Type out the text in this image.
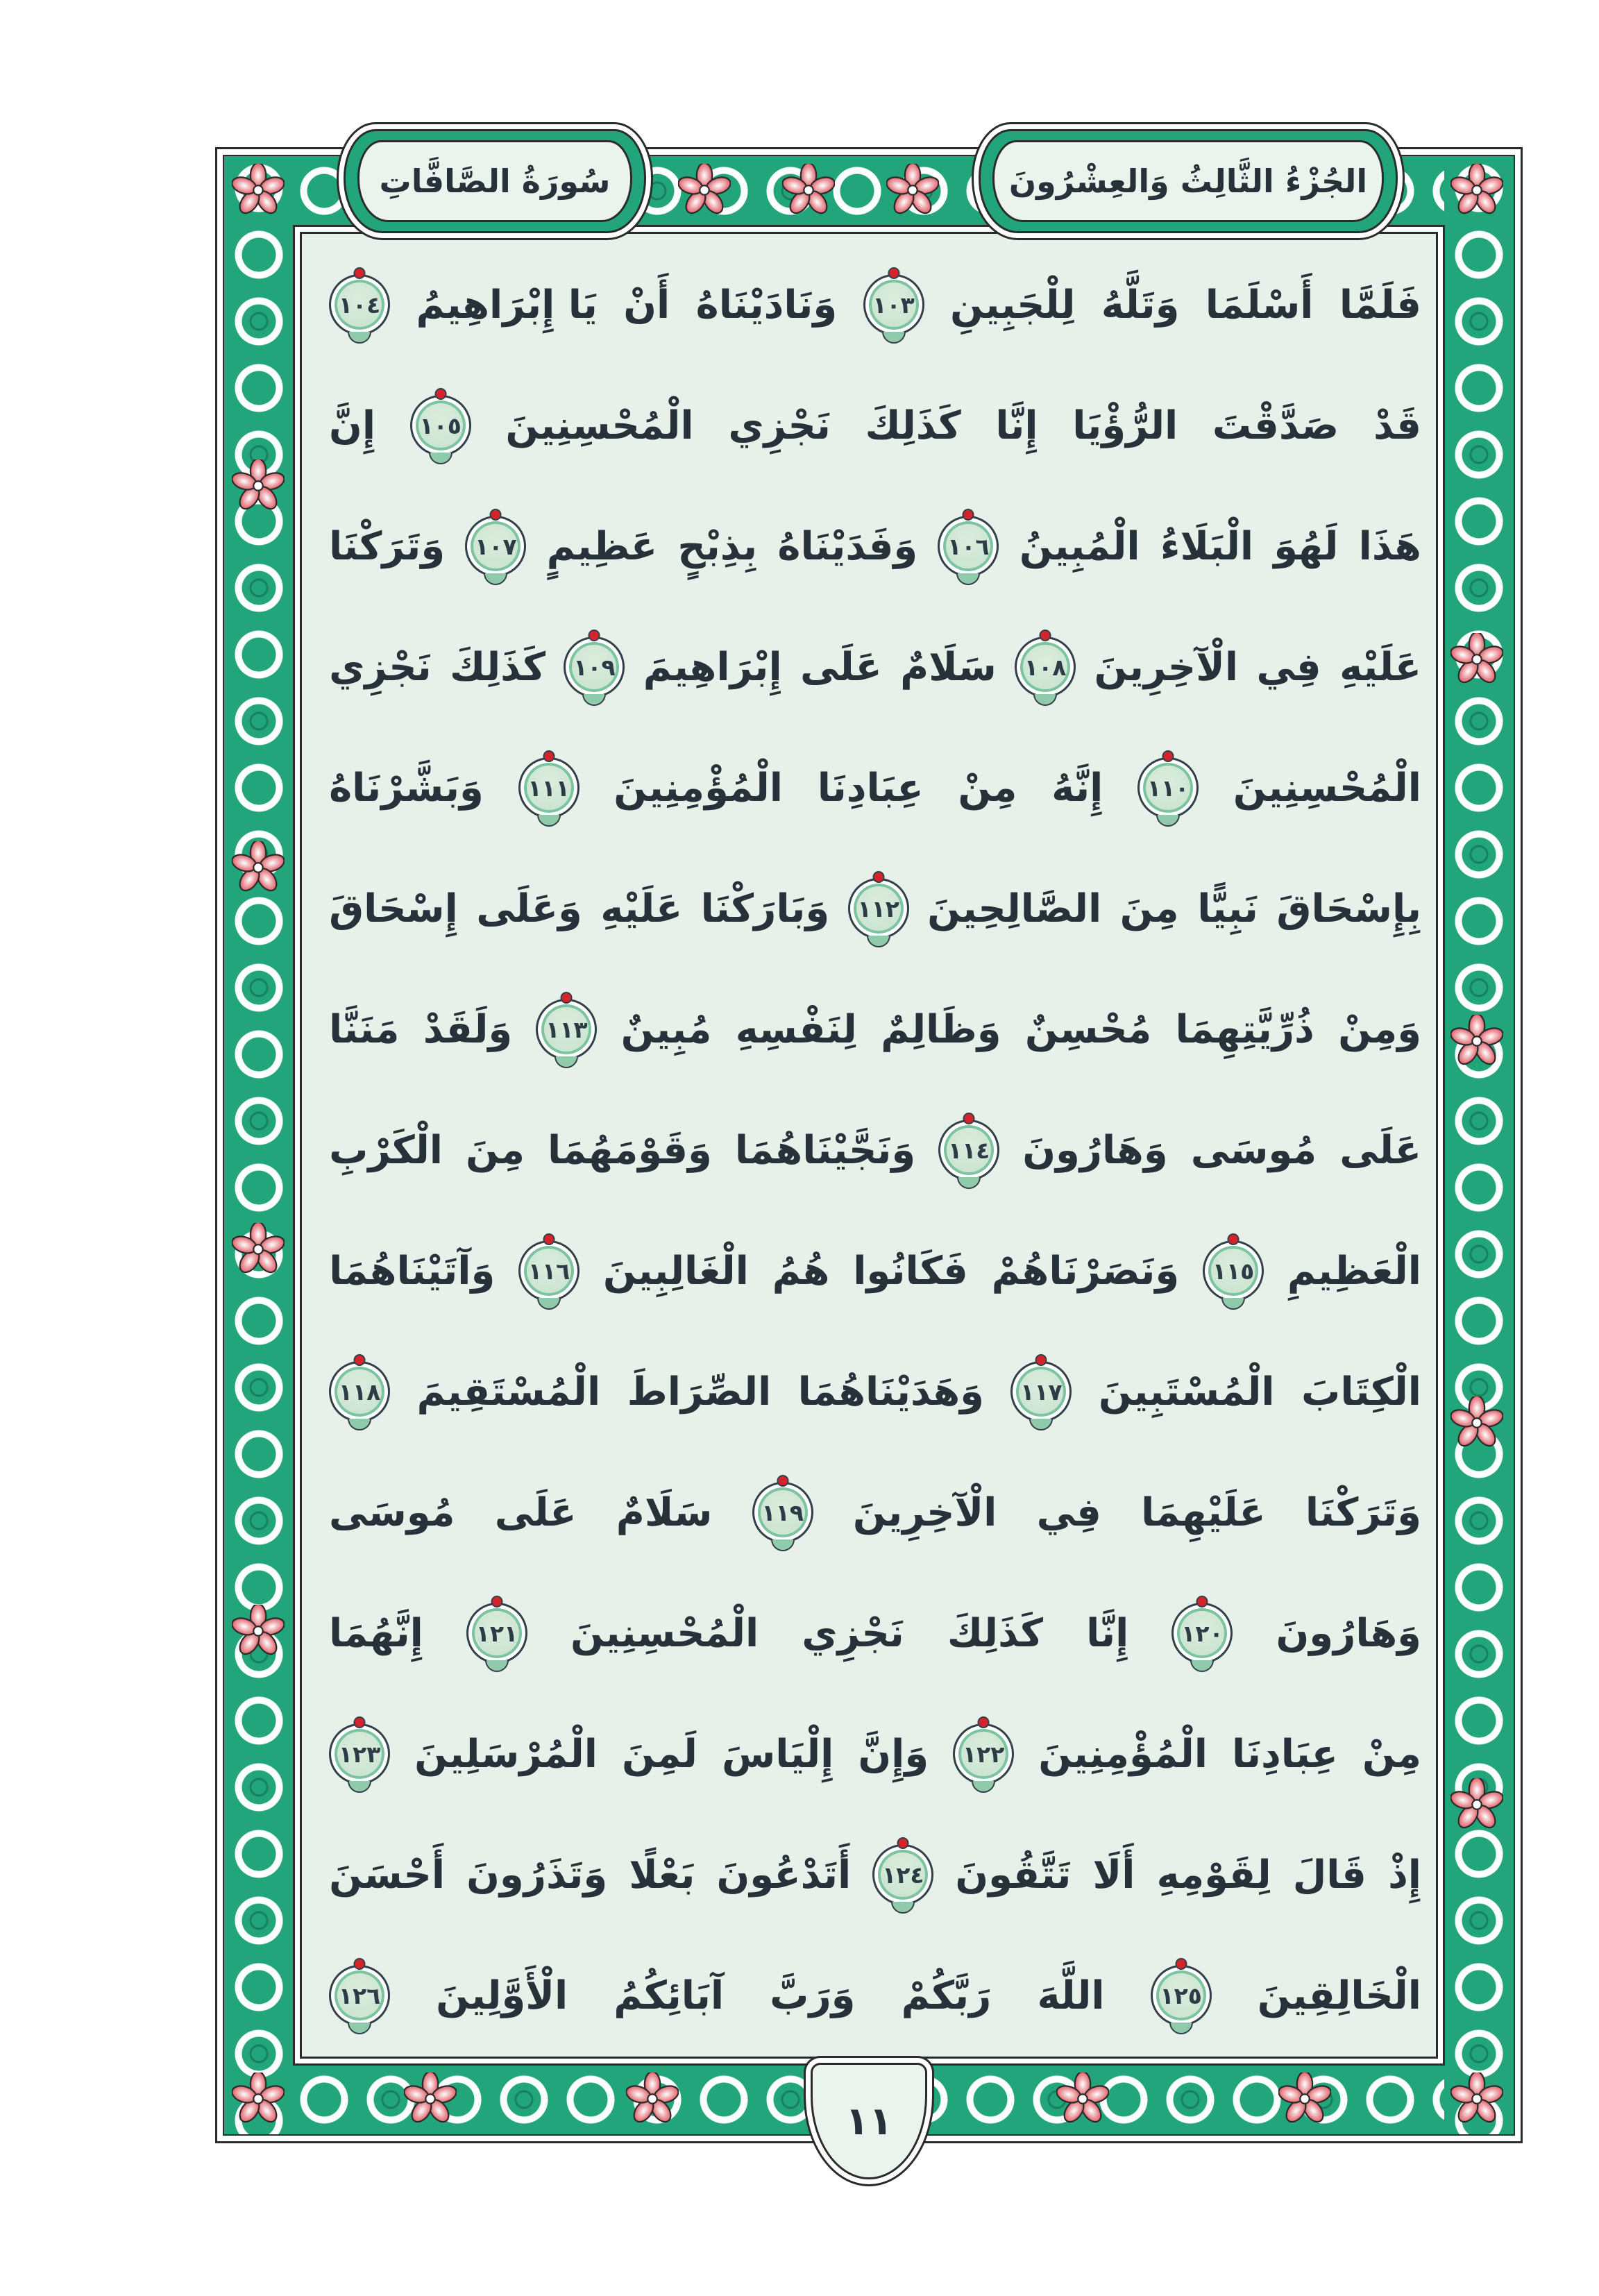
سُورَةُ الصَّافَّاتِ	الجُزْءُ الثَّالِثُ وَالعِشْرُونَ
فَلَمَّا
أَسْلَمَا
وَتَلَّهُ
لِلْجَبِينِ
١٠٣
وَنَادَيْنَاهُ
أَنْ
يَا إِبْرَاهِيمُ
١٠٤
قَدْ
صَدَّقْتَ
الرُّؤْيَا
إِنَّا
كَذَلِكَ
نَجْزِي
الْمُحْسِنِينَ
١٠٥
إِنَّ
هَذَا
لَهُوَ
الْبَلَاءُ
الْمُبِينُ
١٠٦
وَفَدَيْنَاهُ
بِذِبْحٍ
عَظِيمٍ
١٠٧
وَتَرَكْنَا
عَلَيْهِ
فِي
الْآخِرِينَ
١٠٨
سَلَامٌ
عَلَى
إِبْرَاهِيمَ
١٠٩
كَذَلِكَ
نَجْزِي
الْمُحْسِنِينَ
١١٠
إِنَّهُ
مِنْ
عِبَادِنَا
الْمُؤْمِنِينَ
١١١
وَبَشَّرْنَاهُ
بِإِسْحَاقَ
نَبِيًّا
مِنَ
الصَّالِحِينَ
١١٢
وَبَارَكْنَا
عَلَيْهِ
وَعَلَى
إِسْحَاقَ
وَمِنْ
ذُرِّيَّتِهِمَا
مُحْسِنٌ
وَظَالِمٌ
لِنَفْسِهِ
مُبِينٌ
١١٣
وَلَقَدْ
مَنَنَّا
عَلَى
مُوسَى
وَهَارُونَ
١١٤
وَنَجَّيْنَاهُمَا
وَقَوْمَهُمَا
مِنَ
الْكَرْبِ
الْعَظِيمِ
١١٥
وَنَصَرْنَاهُمْ
فَكَانُوا
هُمُ
الْغَالِبِينَ
١١٦
وَآتَيْنَاهُمَا
الْكِتَابَ
الْمُسْتَبِينَ
١١٧
وَهَدَيْنَاهُمَا
الصِّرَاطَ
الْمُسْتَقِيمَ
١١٨
وَتَرَكْنَا
عَلَيْهِمَا
فِي
الْآخِرِينَ
١١٩
سَلَامٌ
عَلَى
مُوسَى
وَهَارُونَ
١٢٠
إِنَّا
كَذَلِكَ
نَجْزِي
الْمُحْسِنِينَ
١٢١
إِنَّهُمَا
مِنْ
عِبَادِنَا
الْمُؤْمِنِينَ
١٢٢
وَإِنَّ
إِلْيَاسَ
لَمِنَ
الْمُرْسَلِينَ
١٢٣
إِذْ
قَالَ
لِقَوْمِهِ
أَلَا
تَتَّقُونَ
١٢٤
أَتَدْعُونَ
بَعْلًا
وَتَذَرُونَ
أَحْسَنَ
الْخَالِقِينَ
١٢٥
اللَّهَ
رَبَّكُمْ
وَرَبَّ
آبَائِكُمُ
الْأَوَّلِينَ
١٢٦
١١
